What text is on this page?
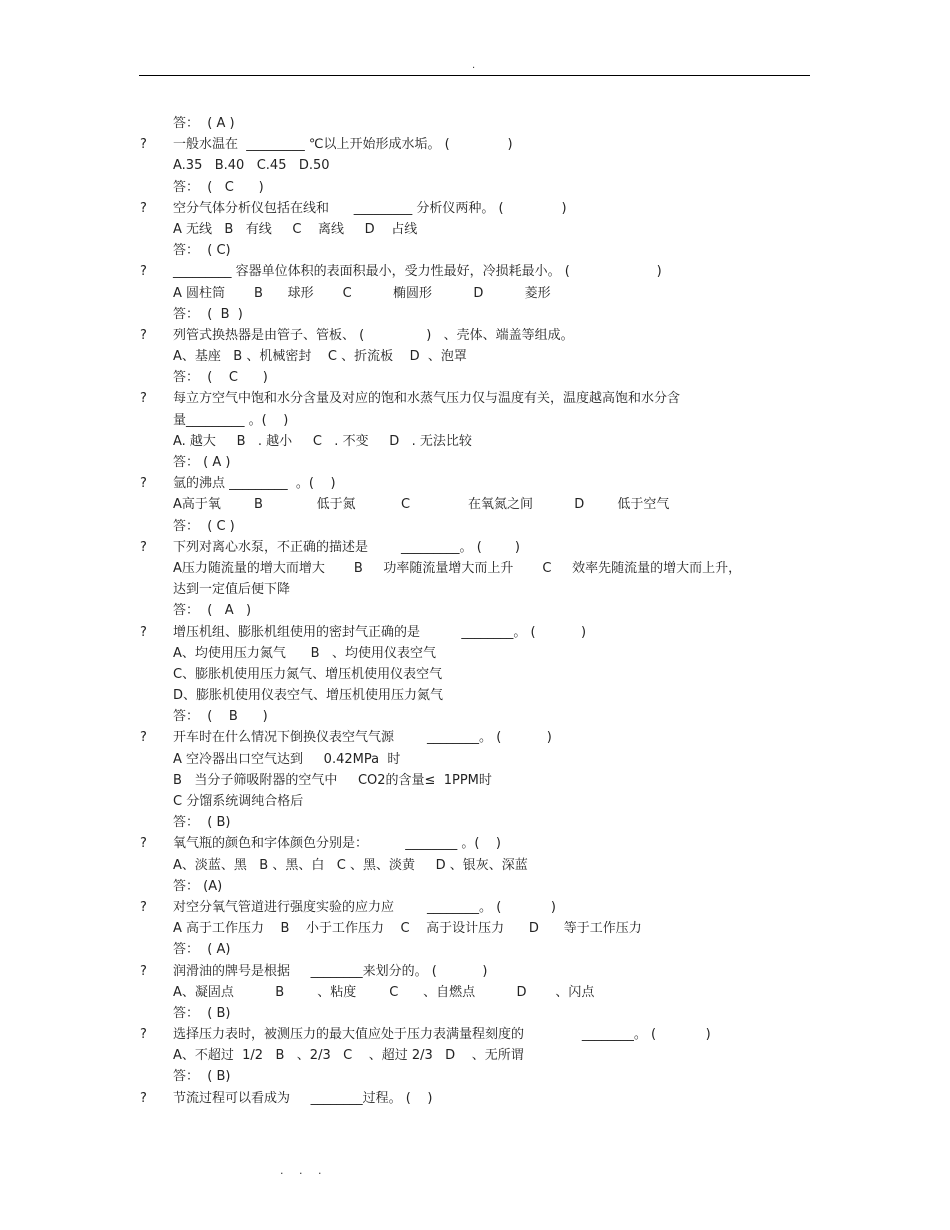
.
答：  ( A )
? 一般水温在  _________ ℃以上开始形成水垢。 (              )
A.35   B.40   C.45   D.50
答：  (   C      )
? 空分气体分析仪包括在线和      _________ 分析仪两种。 (              )
A 无线   B   有线     C    离线     D    占线
答：  ( C)
? _________ 容器单位体积的表面积最小，受力性最好，冷损耗最小。 (                     )
A 圆柱筒       B      球形       C          椭圆形          D          菱形
答：  (  B  )
? 列管式换热器是由管子、管板、 (               )   、壳体、端盖等组成。
A、基座   B 、机械密封    C 、折流板    D  、泡罩
答：  (    C      )
? 每立方空气中饱和水分含量及对应的饱和水蒸气压力仅与温度有关，温度越高饱和水分含
量_________ 。(    )
A. 越大     B   . 越小     C   . 不变     D   . 无法比较
答： ( A )
? 氩的沸点 _________  。(    )
A高于氧        B             低于氮           C              在氧氮之间          D        低于空气
答：  ( C )
? 下列对离心水泵，不正确的描述是        _________。 (        )
A压力随流量的增大而增大       B     功率随流量增大而上升       C     效率先随流量的增大而上升，
达到一定值后便下降
答：  (   A   )
? 增压机组、膨胀机组使用的密封气正确的是          ________。 (           )
A、均使用压力氮气      B   、均使用仪表空气
C、膨胀机使用压力氮气、增压机使用仪表空气
D、膨胀机使用仪表空气、增压机使用压力氮气
答：  (    B      )
? 开车时在什么情况下倒换仪表空气气源        ________。 (           )
A 空冷器出口空气达到     0.42MPa  时
B   当分子筛吸附器的空气中     CO2的含量≤  1PPM时
C 分馏系统调纯合格后
答：  ( B)
? 氧气瓶的颜色和字体颜色分别是：         ________ 。(    )
A、淡蓝、黑   B 、黑、白   C 、黑、淡黄     D 、银灰、深蓝
答： (A)
? 对空分氧气管道进行强度实验的应力应        ________。 (            )
A 高于工作压力    B    小于工作压力    C    高于设计压力      D      等于工作压力
答：  ( A)
? 润滑油的牌号是根据     ________来划分的。 (           )
A、凝固点          B        、粘度        C      、自燃点          D       、闪点
答：  ( B)
? 选择压力表时，被测压力的最大值应处于压力表满量程刻度的              ________。 (            )
A、不超过  1/2   B   、2/3   C    、超过 2/3   D    、无所谓
答：  ( B)
? 节流过程可以看成为     ________过程。 (    )
. . .
